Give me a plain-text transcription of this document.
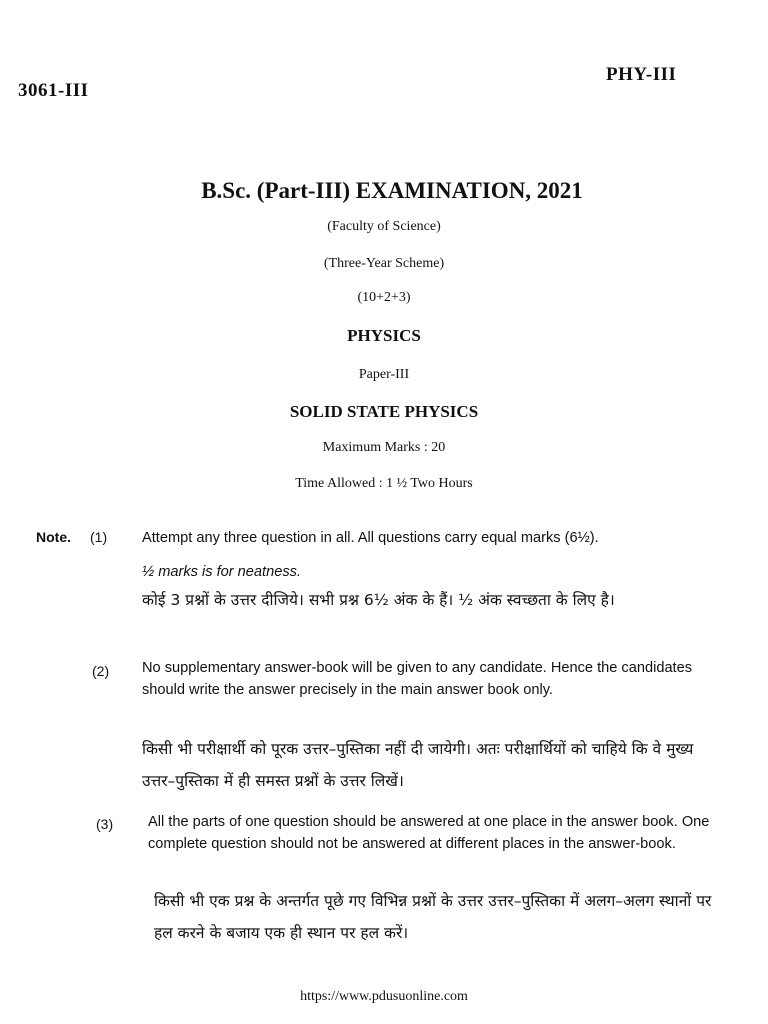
3061-III
PHY-III
B.Sc. (Part-III) EXAMINATION, 2021
(Faculty of Science)
(Three-Year Scheme)
(10+2+3)
PHYSICS
Paper-III
SOLID STATE PHYSICS
Maximum Marks : 20
Time Allowed : 1 ½ Two Hours
Note. (1) Attempt any three question in all. All questions carry equal marks (6½).
½ marks is for neatness.
कोई 3 प्रश्नों के उत्तर दीजिये। सभी प्रश्न 6½ अंक के हैं। ½ अंक स्वच्छता के लिए है।
(2) No supplementary answer-book will be given to any candidate. Hence the candidates should write the answer precisely in the main answer book only.
किसी भी परीक्षार्थी को पूरक उत्तर–पुस्तिका नहीं दी जायेगी। अतः परीक्षार्थियों को चाहिये कि वे मुख्य उत्तर–पुस्तिका में ही समस्त प्रश्नों के उत्तर लिखें।
(3) All the parts of one question should be answered at one place in the answer book. One complete question should not be answered at different places in the answer-book.
किसी भी एक प्रश्न के अन्तर्गत पूछे गए विभिन्न प्रश्नों के उत्तर उत्तर–पुस्तिका में अलग–अलग स्थानों पर हल करने के बजाय एक ही स्थान पर हल करें।
https://www.pdusuonline.com
